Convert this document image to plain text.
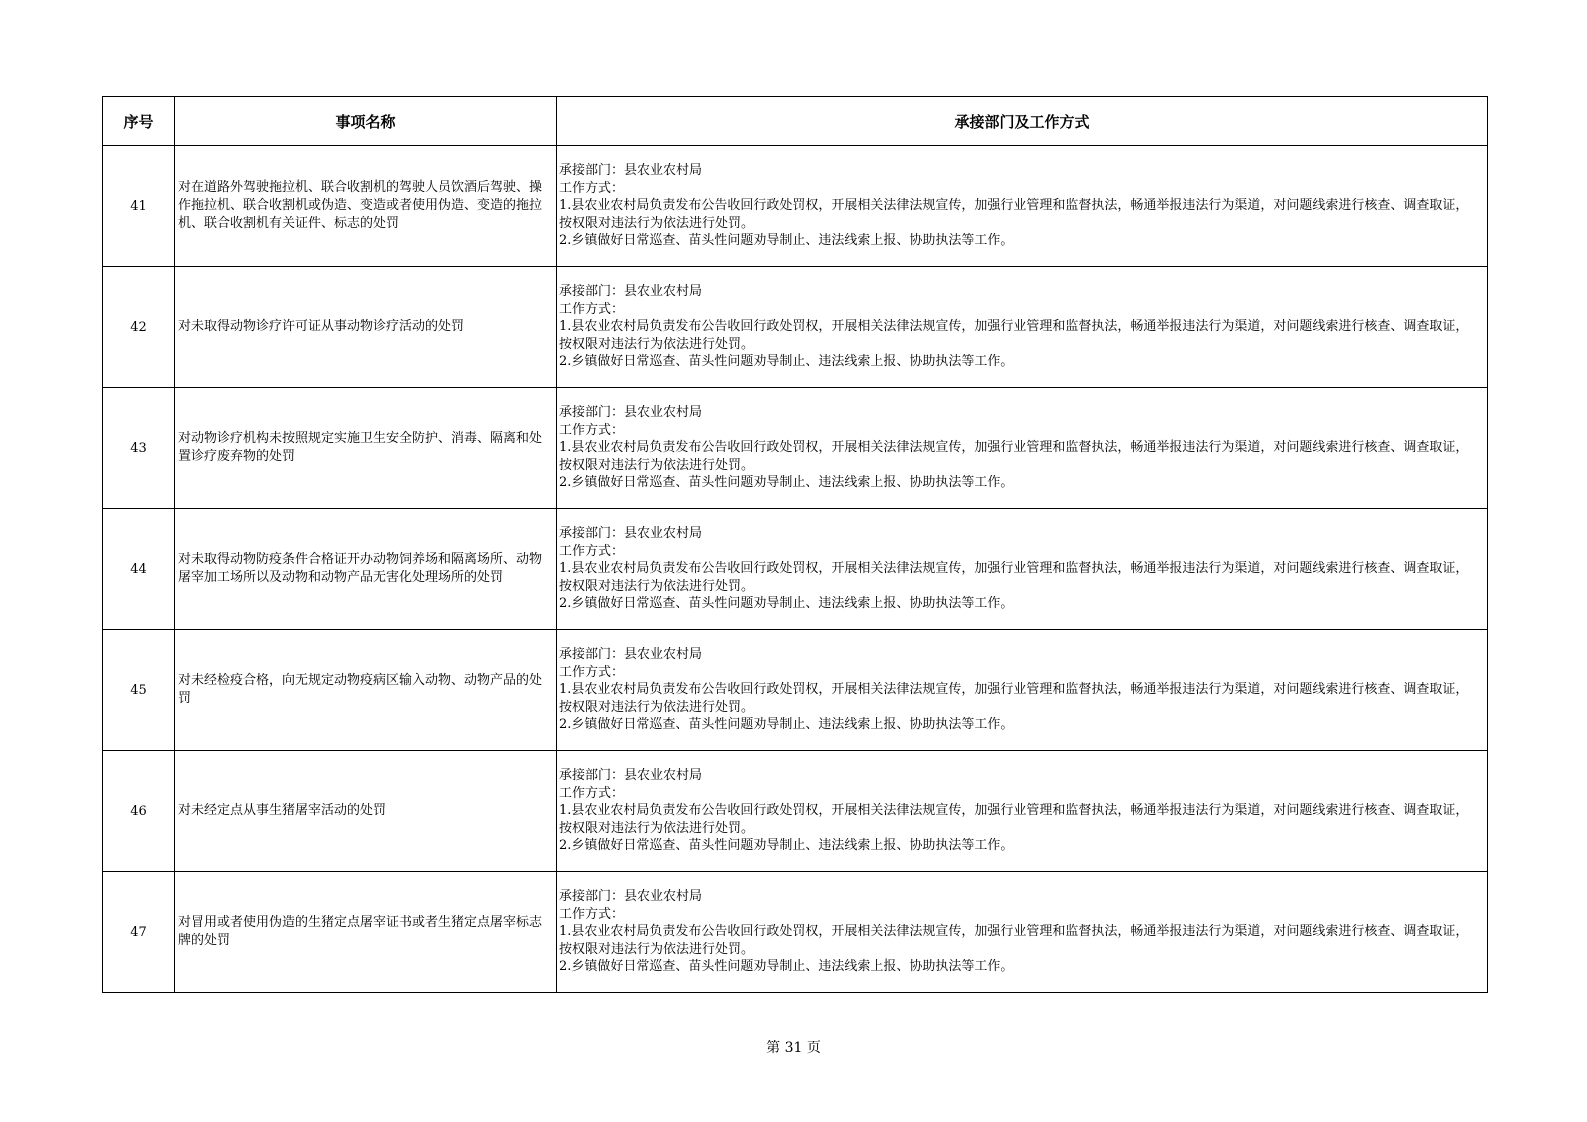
序号	事项名称	承接部门及工作方式
41	对在道路外驾驶拖拉机、联合收割机的驾驶人员饮酒后驾驶、操作拖拉机、联合收割机或伪造、变造或者使用伪造、变造的拖拉机、联合收割机有关证件、标志的处罚	承接部门：县农业农村局
工作方式：
1.县农业农村局负责发布公告收回行政处罚权，开展相关法律法规宣传，加强行业管理和监督执法，畅通举报违法行为渠道，对问题线索进行核查、调查取证，按权限对违法行为依法进行处罚。
2.乡镇做好日常巡查、苗头性问题劝导制止、违法线索上报、协助执法等工作。

42	对未取得动物诊疗许可证从事动物诊疗活动的处罚	承接部门：县农业农村局
工作方式：
1.县农业农村局负责发布公告收回行政处罚权，开展相关法律法规宣传，加强行业管理和监督执法，畅通举报违法行为渠道，对问题线索进行核查、调查取证，按权限对违法行为依法进行处罚。
2.乡镇做好日常巡查、苗头性问题劝导制止、违法线索上报、协助执法等工作。

43	对动物诊疗机构未按照规定实施卫生安全防护、消毒、隔离和处置诊疗废弃物的处罚	承接部门：县农业农村局
工作方式：
1.县农业农村局负责发布公告收回行政处罚权，开展相关法律法规宣传，加强行业管理和监督执法，畅通举报违法行为渠道，对问题线索进行核查、调查取证，按权限对违法行为依法进行处罚。
2.乡镇做好日常巡查、苗头性问题劝导制止、违法线索上报、协助执法等工作。

44	对未取得动物防疫条件合格证开办动物饲养场和隔离场所、动物屠宰加工场所以及动物和动物产品无害化处理场所的处罚	承接部门：县农业农村局
工作方式：
1.县农业农村局负责发布公告收回行政处罚权，开展相关法律法规宣传，加强行业管理和监督执法，畅通举报违法行为渠道，对问题线索进行核查、调查取证，按权限对违法行为依法进行处罚。
2.乡镇做好日常巡查、苗头性问题劝导制止、违法线索上报、协助执法等工作。

45	对未经检疫合格，向无规定动物疫病区输入动物、动物产品的处罚	承接部门：县农业农村局
工作方式：
1.县农业农村局负责发布公告收回行政处罚权，开展相关法律法规宣传，加强行业管理和监督执法，畅通举报违法行为渠道，对问题线索进行核查、调查取证，按权限对违法行为依法进行处罚。
2.乡镇做好日常巡查、苗头性问题劝导制止、违法线索上报、协助执法等工作。

46	对未经定点从事生猪屠宰活动的处罚	承接部门：县农业农村局
工作方式：
1.县农业农村局负责发布公告收回行政处罚权，开展相关法律法规宣传，加强行业管理和监督执法，畅通举报违法行为渠道，对问题线索进行核查、调查取证，按权限对违法行为依法进行处罚。
2.乡镇做好日常巡查、苗头性问题劝导制止、违法线索上报、协助执法等工作。

47	对冒用或者使用伪造的生猪定点屠宰证书或者生猪定点屠宰标志牌的处罚	承接部门：县农业农村局
工作方式：
1.县农业农村局负责发布公告收回行政处罚权，开展相关法律法规宣传，加强行业管理和监督执法，畅通举报违法行为渠道，对问题线索进行核查、调查取证，按权限对违法行为依法进行处罚。
2.乡镇做好日常巡查、苗头性问题劝导制止、违法线索上报、协助执法等工作。
第 31 页
